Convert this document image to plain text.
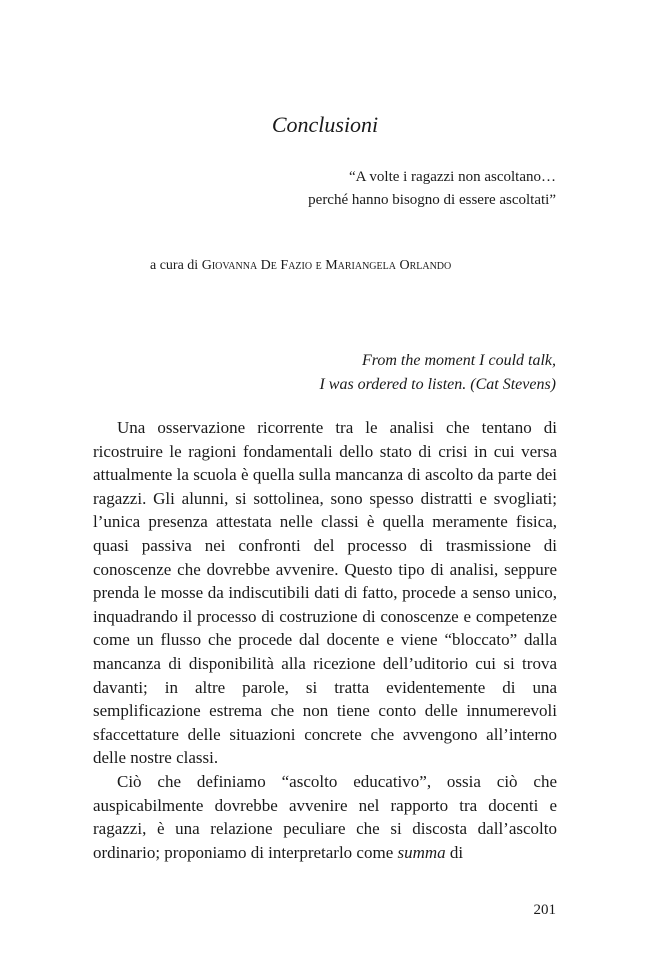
Conclusioni
“A volte i ragazzi non ascoltano…
perché hanno bisogno di essere ascoltati”

a cura di Giovanna De Fazio e Mariangela Orlando

From the moment I could talk,
I was ordered to listen. (Cat Stevens)

Una osservazione ricorrente tra le analisi che tentano di ricostruire le ragioni fondamentali dello stato di crisi in cui versa attualmente la scuola è quella sulla mancanza di ascolto da parte dei ragazzi. Gli alunni, si sottolinea, sono spesso distratti e svogliati; l’unica presenza attestata nelle classi è quella meramente fisica, quasi passiva nei confronti del processo di trasmissione di conoscenze che dovrebbe avvenire. Questo tipo di analisi, seppure prenda le mosse da indiscutibili dati di fatto, procede a senso unico, inquadrando il processo di costruzione di conoscenze e competenze come un flusso che procede dal docente e viene “bloccato” dalla mancanza di disponibilità alla ricezione dell’uditorio cui si trova davanti; in altre parole, si tratta evidentemente di una semplificazione estrema che non tiene conto delle innumerevoli sfaccettature delle situazioni concrete che avvengono all’interno delle nostre classi.

Ciò che definiamo “ascolto educativo”, ossia ciò che auspicabilmente dovrebbe avvenire nel rapporto tra docenti e ragazzi, è una relazione peculiare che si discosta dall’ascolto ordinario; proponiamo di interpretarlo come summa di

201
